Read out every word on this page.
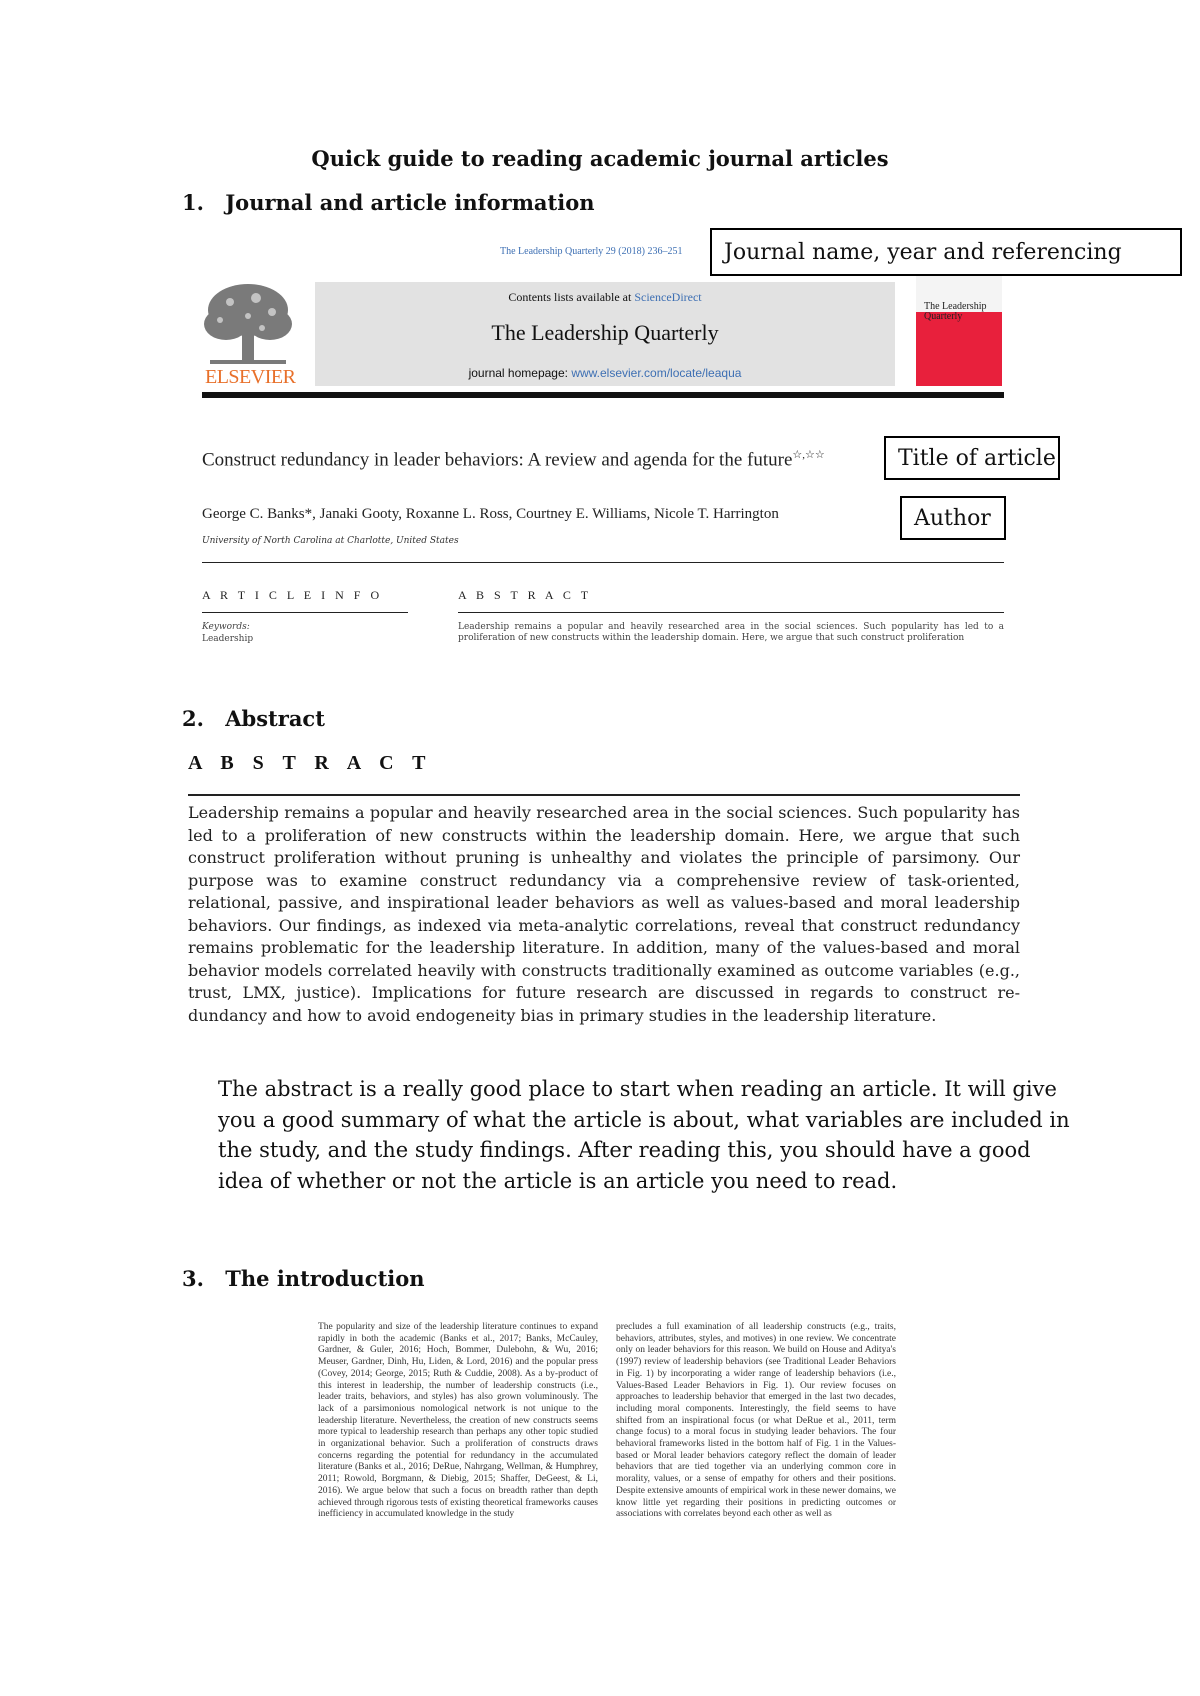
Quick guide to reading academic journal articles
1. Journal and article information
The Leadership Quarterly 29 (2018) 236–251 Journal name, year and referencing
ELSEVIER
Contents lists available at ScienceDirect
The Leadership Quarterly
journal homepage: www.elsevier.com/locate/leaqua
The Leadership Quarterly
Construct redundancy in leader behaviors: A review and agenda for the future☆,☆☆	Title of article
George C. Banks*, Janaki Gooty, Roxanne L. Ross, Courtney E. Williams, Nicole T. Harrington	Author
University of North Carolina at Charlotte, United States
A R T I C L E I N F O	A B S T R A C T
Keywords:
Leadership
Leadership remains a popular and heavily researched area in the social sciences. Such popularity has led to a proliferation of new constructs within the leadership domain. Here, we argue that such construct proliferation
2. Abstract
A B S T R A C T
Leadership remains a popular and heavily researched area in the social sciences. Such popularity has led to a proliferation of new constructs within the leadership domain. Here, we argue that such construct proliferation without pruning is unhealthy and violates the principle of parsimony. Our purpose was to examine construct redundancy via a comprehensive review of task-oriented, relational, passive, and inspirational leader behaviors as well as values-based and moral leadership behaviors. Our findings, as indexed via meta-analytic correlations, reveal that construct redundancy remains problematic for the leadership literature. In addition, many of the values-based and moral behavior models correlated heavily with constructs traditionally examined as outcome variables (e.g., trust, LMX, justice). Implications for future research are discussed in regards to construct re-dundancy and how to avoid endogeneity bias in primary studies in the leadership literature.
The abstract is a really good place to start when reading an article. It will give you a good summary of what the article is about, what variables are included in the study, and the study findings. After reading this, you should have a good idea of whether or not the article is an article you need to read.
3. The introduction
The popularity and size of the leadership literature continues to expand rapidly in both the academic (Banks et al., 2017; Banks, McCauley, Gardner, & Guler, 2016; Hoch, Bommer, Dulebohn, & Wu, 2016; Meuser, Gardner, Dinh, Hu, Liden, & Lord, 2016) and the popular press (Covey, 2014; George, 2015; Ruth & Cuddie, 2008). As a by-product of this interest in leadership, the number of leadership constructs (i.e., leader traits, behaviors, and styles) has also grown voluminously. The lack of a parsimonious nomological network is not unique to the leadership literature. Nevertheless, the creation of new constructs seems more typical to leadership research than perhaps any other topic studied in organizational behavior. Such a proliferation of constructs draws concerns regarding the potential for redundancy in the accumulated literature (Banks et al., 2016; DeRue, Nahrgang, Wellman, & Humphrey, 2011; Rowold, Borgmann, & Diebig, 2015; Shaffer, DeGeest, & Li, 2016). We argue below that such a focus on breadth rather than depth achieved through rigorous tests of existing theoretical frameworks causes inefficiency in accumulated knowledge in the study
precludes a full examination of all leadership constructs (e.g., traits, behaviors, attributes, styles, and motives) in one review. We concentrate only on leader behaviors for this reason. We build on House and Aditya's (1997) review of leadership behaviors (see Traditional Leader Behaviors in Fig. 1) by incorporating a wider range of leadership behaviors (i.e., Values-Based Leader Behaviors in Fig. 1). Our review focuses on approaches to leadership behavior that emerged in the last two decades, including moral components. Interestingly, the field seems to have shifted from an inspirational focus (or what DeRue et al., 2011, term change focus) to a moral focus in studying leader behaviors. The four behavioral frameworks listed in the bottom half of Fig. 1 in the Values-based or Moral leader behaviors category reflect the domain of leader behaviors that are tied together via an underlying common core in morality, values, or a sense of empathy for others and their positions. Despite extensive amounts of empirical work in these newer domains, we know little yet regarding their positions in predicting outcomes or associations with correlates beyond each other as well as
